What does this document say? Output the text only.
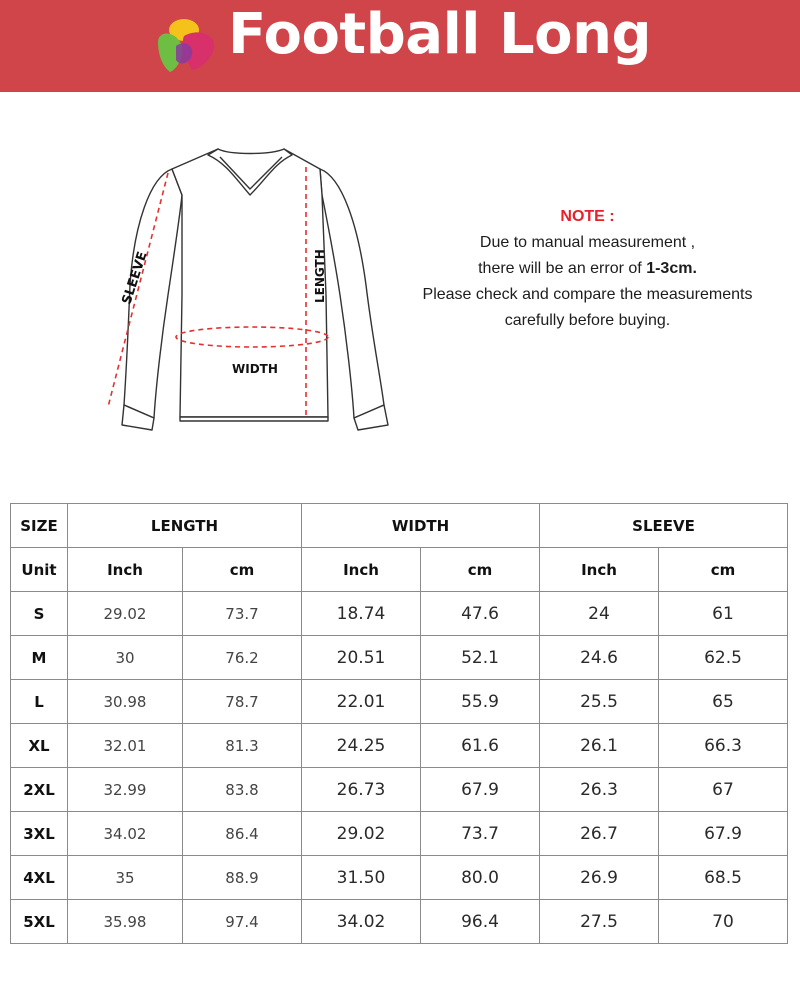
Football Long
SLEEVE	LENGTH
WIDTH
NOTE :
Due to manual measurement ,
there will be an error of 1-3cm.
Please check and compare the measurements
carefully before buying.
SIZE	LENGTH		WIDTH		SLEEVE	
Unit	Inch	cm	Inch	cm	Inch	cm
S	29.02	73.7	18.74	47.6	24	61
M	30	76.2	20.51	52.1	24.6	62.5
L	30.98	78.7	22.01	55.9	25.5	65
XL	32.01	81.3	24.25	61.6	26.1	66.3
2XL	32.99	83.8	26.73	67.9	26.3	67
3XL	34.02	86.4	29.02	73.7	26.7	67.9
4XL	35	88.9	31.50	80.0	26.9	68.5
5XL	35.98	97.4	34.02	96.4	27.5	70
